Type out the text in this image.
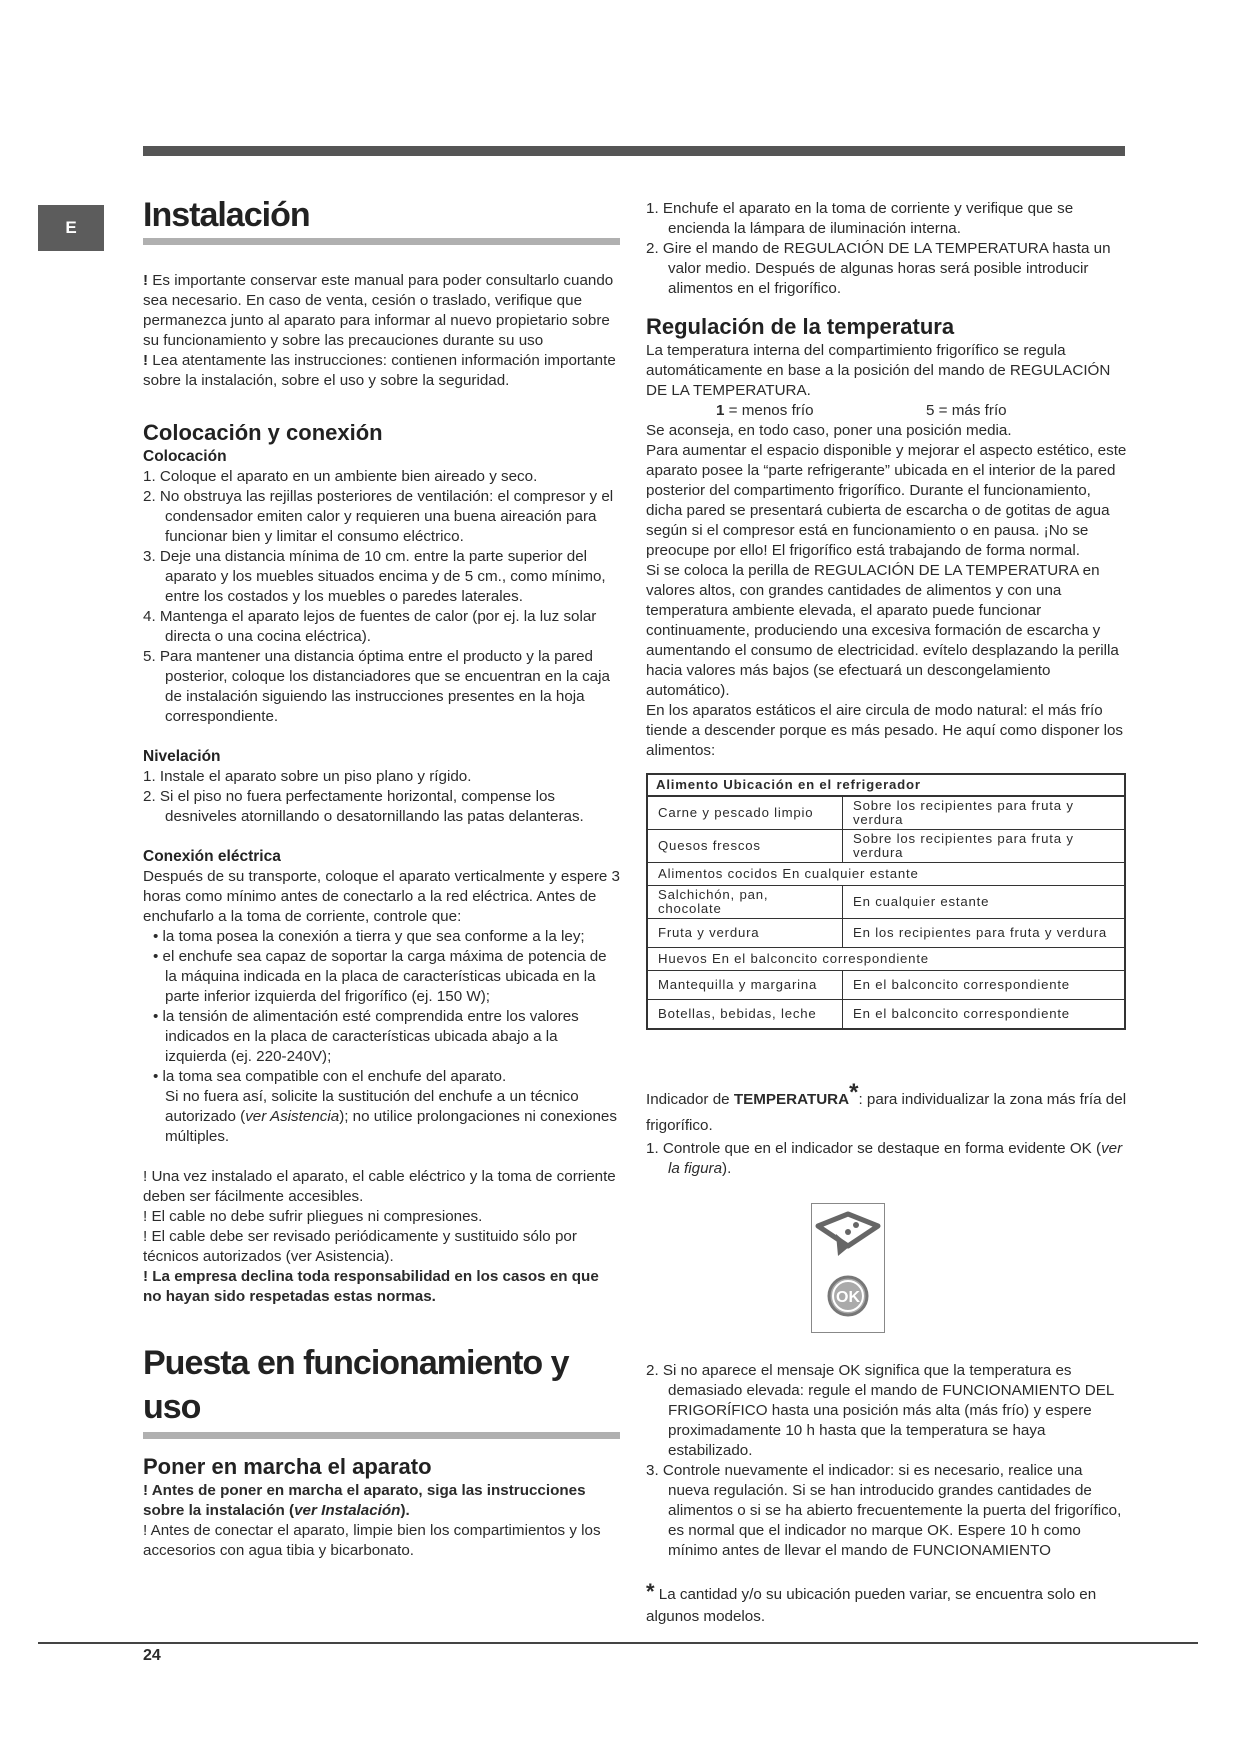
E	Instalación

! Es importante conservar este manual para poder consultarlo cuando sea necesario. En caso de venta, cesión o traslado, verifique que permanezca junto al aparato para informar al nuevo propietario sobre su funcionamiento y sobre las precauciones durante su uso

! Lea atentamente las instrucciones: contienen información importante sobre la instalación, sobre el uso y sobre la seguridad.

Colocación y conexión
Colocación

1. Coloque el aparato en un ambiente bien aireado y seco.

2. No obstruya las rejillas posteriores de ventilación: el compresor y el condensador emiten calor y requieren una buena aireación para funcionar bien y limitar el consumo eléctrico.

3. Deje una distancia mínima de 10 cm. entre la parte superior del aparato y los muebles situados encima y de 5 cm., como mínimo, entre los costados y los muebles o paredes laterales.

4. Mantenga el aparato lejos de fuentes de calor (por ej. la luz solar directa o una cocina eléctrica).

5. Para mantener una distancia óptima entre el producto y la pared posterior, coloque los distanciadores que se encuentran en la caja de instalación siguiendo las instrucciones presentes en la hoja correspondiente.

Nivelación

1. Instale el aparato sobre un piso plano y rígido.

2. Si el piso no fuera perfectamente horizontal, compense los desniveles atornillando o desatornillando las patas delanteras.

Conexión eléctrica

Después de su transporte, coloque el aparato verticalmente y espere 3 horas como mínimo antes de conectarlo a la red eléctrica. Antes de enchufarlo a la toma de corriente, controle que:

• la toma posea la conexión a tierra y que sea conforme a la ley;

• el enchufe sea capaz de soportar la carga máxima de potencia de la máquina indicada en la placa de características ubicada en la parte inferior izquierda del frigorífico (ej. 150 W);

• la tensión de alimentación esté comprendida entre los valores indicados en la placa de características ubicada abajo a la izquierda (ej. 220-240V);

• la toma sea compatible con el enchufe del aparato.

Si no fuera así, solicite la sustitución del enchufe a un técnico autorizado (ver Asistencia); no utilice prolongaciones ni conexiones múltiples.

! Una vez instalado el aparato, el cable eléctrico y la toma de corriente deben ser fácilmente accesibles.

! El cable no debe sufrir pliegues ni compresiones.

! El cable debe ser revisado periódicamente y sustituido sólo por técnicos autorizados (ver Asistencia).

! La empresa declina toda responsabilidad en los casos en que no hayan sido respetadas estas normas.

Puesta en funcionamiento y uso
Poner en marcha el aparato

! Antes de poner en marcha el aparato, siga las instrucciones sobre la instalación (ver Instalación).

! Antes de conectar el aparato, limpie bien los compartimientos y los accesorios con agua tibia y bicarbonato.

1. Enchufe el aparato en la toma de corriente y verifique que se encienda la lámpara de iluminación interna.

2. Gire el mando de REGULACIÓN DE LA TEMPERATURA hasta un valor medio. Después de algunas horas será posible introducir alimentos en el frigorífico.

Regulación de la temperatura

La temperatura interna del compartimiento frigorífico se regula automáticamente en base a la posición del mando de REGULACIÓN DE LA TEMPERATURA.

1 = menos frío	5 = más frío

Se aconseja, en todo caso, poner una posición media.

Para aumentar el espacio disponible y mejorar el aspecto estético, este aparato posee la “parte refrigerante” ubicada en el interior de la pared posterior del compartimento frigorífico. Durante el funcionamiento, dicha pared se presentará cubierta de escarcha o de gotitas de agua según si el compresor está en funcionamiento o en pausa. ¡No se preocupe por ello! El frigorífico está trabajando de forma normal.

Si se coloca la perilla de REGULACIÓN DE LA TEMPERATURA en valores altos, con grandes cantidades de alimentos y con una temperatura ambiente elevada, el aparato puede funcionar continuamente, produciendo una excesiva formación de escarcha y aumentando el consumo de electricidad. evítelo desplazando la perilla hacia valores más bajos (se efectuará un descongelamiento automático).

En los aparatos estáticos el aire circula de modo natural: el más frío tiende a descender porque es más pesado. He aquí como disponer los alimentos:

Alimento Ubicación en el refrigerador
Carne y pescado limpio	Sobre los recipientes para fruta y verdura
Quesos frescos	Sobre los recipientes para fruta y verdura
Alimentos cocidos En cualquier estante
Salchichón, pan, chocolate	En cualquier estante
Fruta y verdura	En los recipientes para fruta y verdura
Huevos En el balconcito correspondiente
Mantequilla y margarina	En el balconcito correspondiente
Botellas, bebidas, leche	En el balconcito correspondiente

Indicador de TEMPERATURA*: para individualizar la zona más fría del frigorífico.

1. Controle que en el indicador se destaque en forma evidente OK (ver la figura).

OK

2. Si no aparece el mensaje OK significa que la temperatura es demasiado elevada: regule el mando de FUNCIONAMIENTO DEL FRIGORÍFICO hasta una posición más alta (más frío) y espere proximadamente 10 h hasta que la temperatura se haya estabilizado.

3. Controle nuevamente el indicador: si es necesario, realice una nueva regulación. Si se han introducido grandes cantidades de alimentos o si se ha abierto frecuentemente la puerta del frigorífico, es normal que el indicador no marque OK. Espere 10 h como mínimo antes de llevar el mando de FUNCIONAMIENTO

* La cantidad y/o su ubicación pueden variar, se encuentra solo en algunos modelos.

24
